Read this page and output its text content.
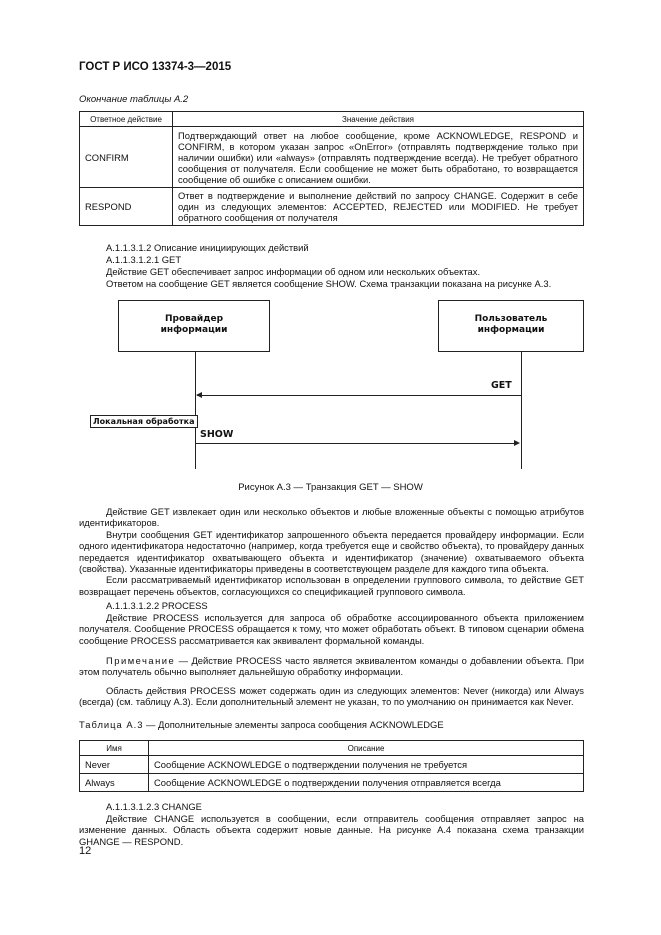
ГОСТ Р ИСО 13374-3—2015
Окончание таблицы А.2
Ответное действие	Значение действия
CONFIRM	Подтверждающий ответ на любое сообщение, кроме ACKNOWLEDGE, RESPOND и CONFIRM, в котором указан запрос «OnError» (отправлять подтверждение только при наличии ошибки) или «always» (отправлять подтверждение всегда). Не требует обратного сообщения от получателя. Если сообщение не может быть обработано, то возвращается сообщение об ошибке с описанием ошибки.
RESPOND	Ответ в подтверждение и выполнение действий по запросу CHANGE. Содержит в себе один из следующих элементов: ACCEPTED, REJECTED или MODIFIED. Не требует обратного сообщения от получателя
А.1.1.3.1.2 Описание инициирующих действий
А.1.1.3.1.2.1 GET
Действие GET обеспечивает запрос информации об одном или нескольких объектах.
Ответом на сообщение GET является сообщение SHOW. Схема транзакции показана на рисунке А.3.
Провайдер
информации
Пользователь
информации
GET
Локальная обработка
SHOW
Рисунок А.3 — Транзакция GET — SHOW

Действие GET извлекает один или несколько объектов и любые вложенные объекты с помощью атрибутов идентификаторов.

Внутри сообщения GET идентификатор запрошенного объекта передается провайдеру информации. Если одного идентификатора недостаточно (например, когда требуется еще и свойство объекта), то провайдеру данных передается идентификатор охватывающего объекта и идентификатор (значение) охватываемого объекта (свойства). Указанные идентификаторы приведены в соответствующем разделе для каждого типа объекта.

Если рассматриваемый идентификатор использован в определении группового символа, то действие GET возвращает перечень объектов, согласующихся со спецификацией группового символа.

А.1.1.3.1.2.2 PROCESS

Действие PROCESS используется для запроса об обработке ассоциированного объекта приложением получателя. Сообщение PROCESS обращается к тому, что может обработать объект. В типовом сценарии обмена сообщение PROCESS рассматривается как эквивалент формальной команды.

Примечание — Действие PROCESS часто является эквивалентом команды о добавлении объекта. При этом получатель обычно выполняет дальнейшую обработку информации.

Область действия PROCESS может содержать один из следующих элементов: Never (никогда) или Always (всегда) (см. таблицу А.3). Если дополнительный элемент не указан, то по умолчанию он принимается как Never.

Таблица А.3 — Дополнительные элементы запроса сообщения ACKNOWLEDGE
Имя	Описание
Never	Сообщение ACKNOWLEDGE о подтверждении получения не требуется
Always	Сообщение ACKNOWLEDGE о подтверждении получения отправляется всегда
А.1.1.3.1.2.3 CHANGE

Действие CHANGE используется в сообщении, если отправитель сообщения отправляет запрос на изменение данных. Область объекта содержит новые данные. На рисунке А.4 показана схема транзакции GHANGE — RESPOND.

12
